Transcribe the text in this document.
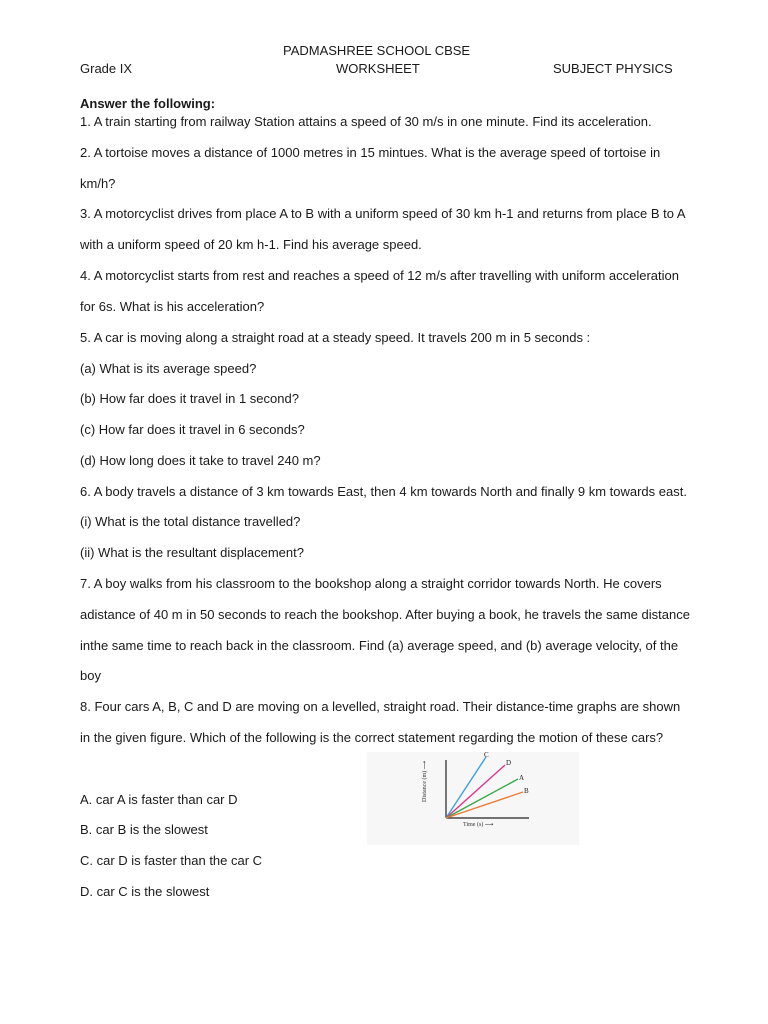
PADMASHREE SCHOOL CBSE
Grade IX	WORKSHEET	SUBJECT PHYSICS
Answer the following:
1. A train starting from railway Station attains a speed of 30 m/s in one minute. Find its acceleration.
2. A tortoise moves a distance of 1000 metres in 15 mintues. What is the average speed of tortoise in
km/h?
3. A motorcyclist drives from place A to B with a uniform speed of 30 km h-1 and returns from place B to A
with a uniform speed of 20 km h-1. Find his average speed.
4. A motorcyclist starts from rest and reaches a speed of 12 m/s after travelling with uniform acceleration
for 6s. What is his acceleration?
5. A car is moving along a straight road at a steady speed. It travels 200 m in 5 seconds :
(a) What is its average speed?
(b) How far does it travel in 1 second?
(c) How far does it travel in 6 seconds?
(d) How long does it take to travel 240 m?
6. A body travels a distance of 3 km towards East, then 4 km towards North and finally 9 km towards east.
(i) What is the total distance travelled?
(ii) What is the resultant displacement?
7. A boy walks from his classroom to the bookshop along a straight corridor towards North. He covers
adistance of 40 m in 50 seconds to reach the bookshop. After buying a book, he travels the same distance
inthe same time to reach back in the classroom. Find (a) average speed, and (b) average velocity, of the
boy
8. Four cars A, B, C and D are moving on a levelled, straight road. Their distance-time graphs are shown
in the given figure. Which of the following is the correct statement regarding the motion of these cars?
A. car A is faster than car D
B. car B is the slowest
C. car D is faster than the car C
D. car C is the slowest
Distance (m) ⟶
Time (s) ⟶
C
D
A
B
